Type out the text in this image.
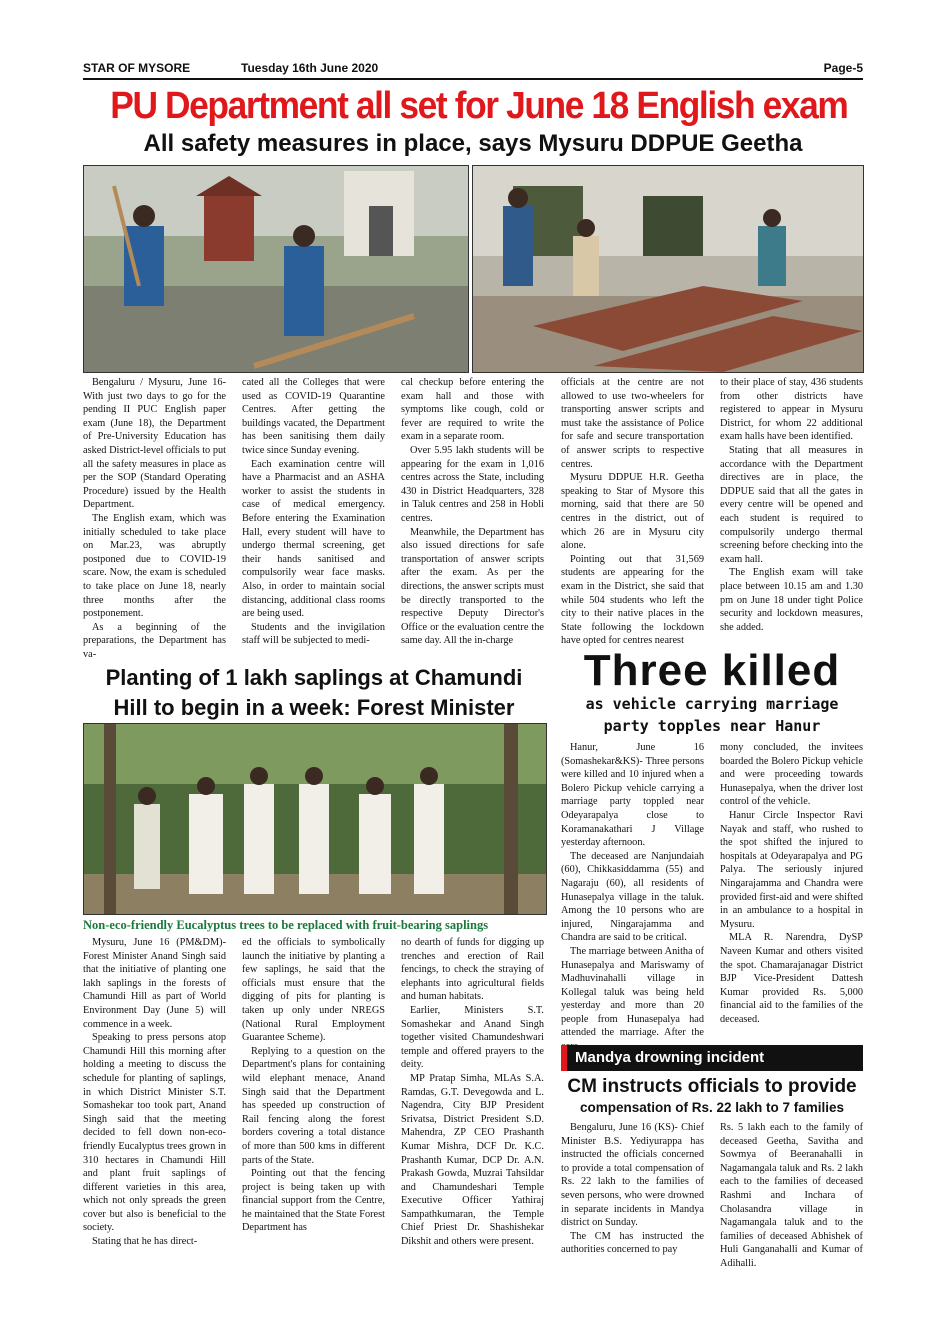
STAR OF MYSORE	Tuesday 16th June 2020	Page-5
PU Department all set for June 18 English exam
All safety measures in place, says Mysuru DDPUE Geetha

Bengaluru / Mysuru, June 16- With just two days to go for the pending II PUC English paper exam (June 18), the Department of Pre-University Education has asked District-level officials to put all the safety measures in place as per the SOP (Standard Operating Procedure) issued by the Health Department.

The English exam, which was initially scheduled to take place on Mar.23, was abruptly postponed due to COVID-19 scare. Now, the exam is scheduled to take place on June 18, nearly three months after the postponement.

As a beginning of the preparations, the Department has va-

cated all the Colleges that were used as COVID-19 Quarantine Centres. After getting the buildings vacated, the Department has been sanitising them daily twice since Sunday evening.

Each examination centre will have a Pharmacist and an ASHA worker to assist the students in case of medical emergency. Before entering the Examination Hall, every student will have to undergo thermal screening, get their hands sanitised and compulsorily wear face masks. Also, in order to maintain social distancing, additional class rooms are being used.

Students and the invigilation staff will be subjected to medi-

cal checkup before entering the exam hall and those with symptoms like cough, cold or fever are required to write the exam in a separate room.

Over 5.95 lakh students will be appearing for the exam in 1,016 centres across the State, including 430 in District Headquarters, 328 in Taluk centres and 258 in Hobli centres.

Meanwhile, the Department has also issued directions for safe transportation of answer scripts after the exam. As per the directions, the answer scripts must be directly transported to the respective Deputy Director's Office or the evaluation centre the same day. All the in-charge

officials at the centre are not allowed to use two-wheelers for transporting answer scripts and must take the assistance of Police for safe and secure transportation of answer scripts to respective centres.

Mysuru DDPUE H.R. Geetha speaking to Star of Mysore this morning, said that there are 50 centres in the district, out of which 26 are in Mysuru city alone.

Pointing out that 31,569 students are appearing for the exam in the District, she said that while 504 students who left the city to their native places in the State following the lockdown have opted for centres nearest

to their place of stay, 436 students from other districts have registered to appear in Mysuru District, for whom 22 additional exam halls have been identified.

Stating that all measures in accordance with the Department directives are in place, the DDPUE said that all the gates in every centre will be opened and each student is required to compulsorily undergo thermal screening before checking into the exam hall.

The English exam will take place between 10.15 am and 1.30 pm on June 18 under tight Police security and lockdown measures, she added.

Planting of 1 lakh saplings at Chamundi
Hill to begin in a week: Forest Minister
Non-eco-friendly Eucalyptus trees to be replaced with fruit-bearing saplings

Mysuru, June 16 (PM&DM)- Forest Minister Anand Singh said that the initiative of planting one lakh saplings in the forests of Chamundi Hill as part of World Environment Day (June 5) will commence in a week.

Speaking to press persons atop Chamundi Hill this morning after holding a meeting to discuss the schedule for planting of saplings, in which District Minister S.T. Somashekar too took part, Anand Singh said that the meeting decided to fell down non-eco-friendly Eucalyptus trees grown in 310 hectares in Chamundi Hill and plant fruit saplings of different varieties in this area, which not only spreads the green cover but also is beneficial to the society.

Stating that he has direct-

ed the officials to symbolically launch the initiative by planting a few saplings, he said that the officials must ensure that the digging of pits for planting is taken up only under NREGS (National Rural Employment Guarantee Scheme).

Replying to a question on the Department's plans for containing wild elephant menace, Anand Singh said that the Department has speeded up construction of Rail fencing along the forest borders covering a total distance of more than 500 kms in different parts of the State.

Pointing out that the fencing project is being taken up with financial support from the Centre, he maintained that the State Forest Department has

no dearth of funds for digging up trenches and erection of Rail fencings, to check the straying of elephants into agricultural fields and human habitats.

Earlier, Ministers S.T. Somashekar and Anand Singh together visited Chamundeshwari temple and offered prayers to the deity.

MP Pratap Simha, MLAs S.A. Ramdas, G.T. Devegowda and L. Nagendra, City BJP President Srivatsa, District President S.D. Mahendra, ZP CEO Prashanth Kumar Mishra, DCF Dr. K.C. Prashanth Kumar, DCP Dr. A.N. Prakash Gowda, Muzrai Tahsildar and Chamundeshari Temple Executive Officer Yathiraj Sampathkumaran, the Temple Chief Priest Dr. Shashishekar Dikshit and others were present.

Three killed
as vehicle carrying marriage
party topples near Hanur

Hanur, June 16 (Somashekar&KS)- Three persons were killed and 10 injured when a Bolero Pickup vehicle carrying a marriage party toppled near Odeyarapalya close to Koramanakathari J Village yesterday afternoon.

The deceased are Nanjundaiah (60), Chikkasiddamma (55) and Nagaraju (60), all residents of Hunasepalya village in the taluk. Among the 10 persons who are injured, Ningarajamma and Chandra are said to be critical.

The marriage between Anitha of Hunasepalya and Mariswamy of Madhuvinahalli village in Kollegal taluk was being held yesterday and more than 20 people from Hunasepalya had attended the marriage. After the

mony concluded, the invitees boarded the Bolero Pickup vehicle and were proceeding towards Hunasepalya, when the driver lost control of the vehicle.

Hanur Circle Inspector Ravi Nayak and staff, who rushed to the spot shifted the injured to hospitals at Odeyarapalya and PG Palya. The seriously injured Ningarajamma and Chandra were provided first-aid and were shifted in an ambulance to a hospital in Mysuru.

MLA R. Narendra, DySP Naveen Kumar and others visited the spot. Chamarajanagar District BJP Vice-President Dattesh Kumar provided Rs. 5,000 financial aid to the families of the deceased.

Mandya drowning incident
CM instructs officials to provide
compensation of Rs. 22 lakh to 7 families

Bengaluru, June 16 (KS)- Chief Minister B.S. Yediyurappa has instructed the officials concerned to provide a total compensation of Rs. 22 lakh to the families of seven persons, who were drowned in separate incidents in Mandya district on Sunday.

The CM has instructed the authorities concerned to pay

Rs. 5 lakh each to the family of deceased Geetha, Savitha and Sowmya of Beeranahalli in Nagamangala taluk and Rs. 2 lakh each to the families of deceased Rashmi and Inchara of Cholasandra village in Nagamangala taluk and to the families of deceased Abhishek of Huli Ganganahalli and Kumar of Adihalli.
